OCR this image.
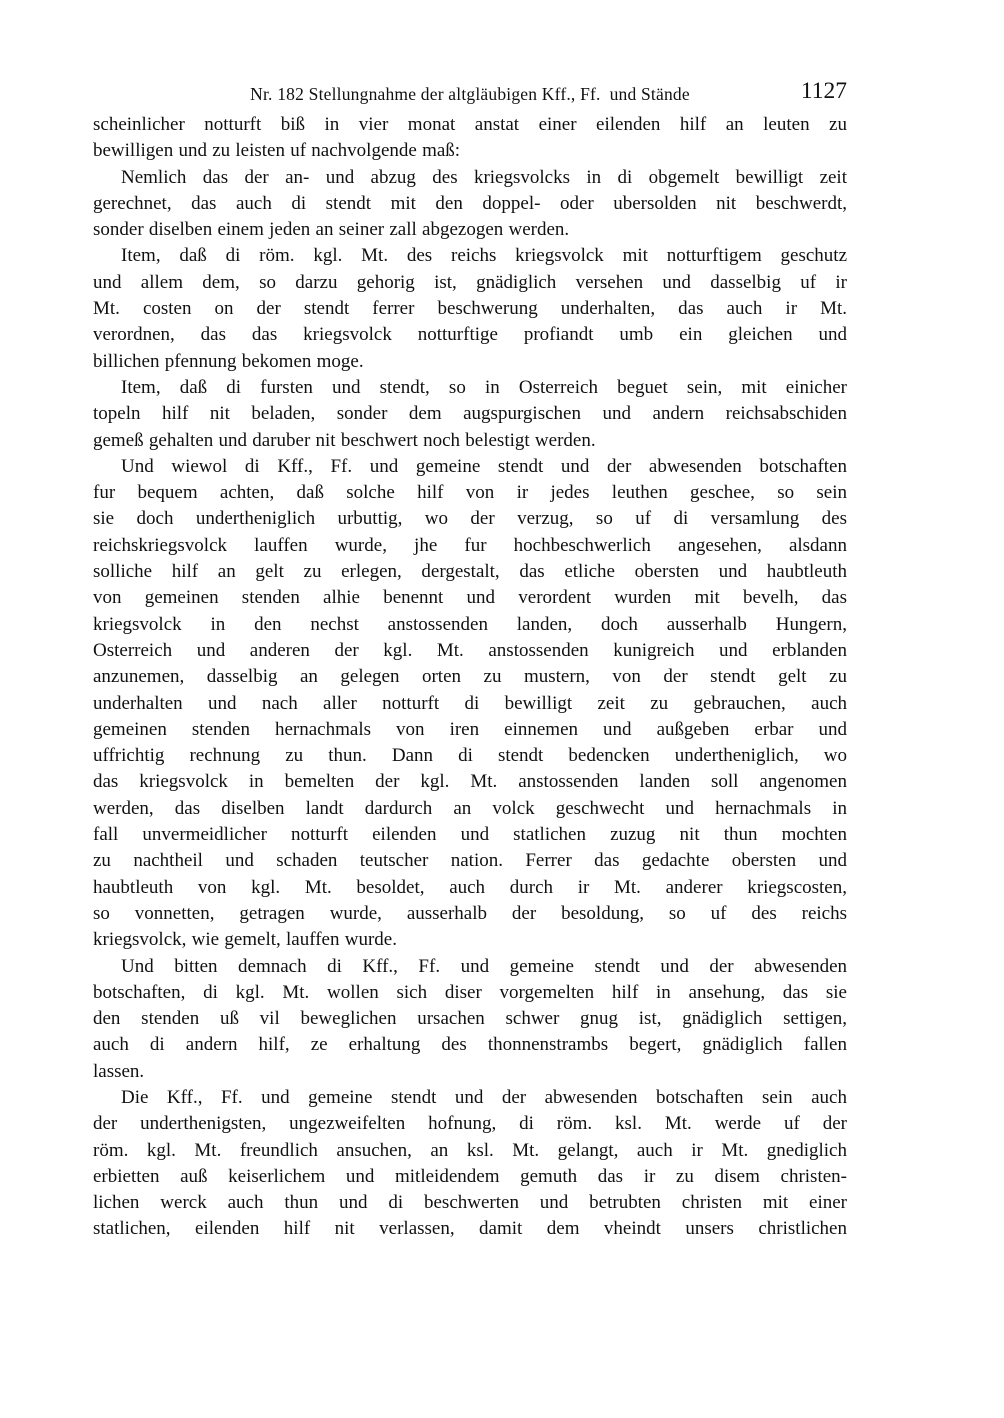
Nr. 182 Stellungnahme der altgläubigen Kff., Ff. und Stände	1127
scheinlicher notturft biß in vier monat anstat einer eilenden hilf an leuten zu
bewilligen und zu leisten uf nachvolgende maß:
Nemlich das der an- und abzug des kriegsvolcks in di obgemelt bewilligt zeit
gerechnet, das auch di stendt mit den doppel- oder ubersolden nit beschwerdt,
sonder diselben einem jeden an seiner zall abgezogen werden.
Item, daß di röm. kgl. Mt. des reichs kriegsvolck mit notturftigem geschutz
und allem dem, so darzu gehorig ist, gnädiglich versehen und dasselbig uf ir
Mt. costen on der stendt ferrer beschwerung underhalten, das auch ir Mt.
verordnen, das das kriegsvolck notturftige profiandt umb ein gleichen und
billichen pfennung bekomen moge.
Item, daß di fursten und stendt, so in Osterreich beguet sein, mit einicher
topeln hilf nit beladen, sonder dem augspurgischen und andern reichsabschiden
gemeß gehalten und daruber nit beschwert noch belestigt werden.
Und wiewol di Kff., Ff. und gemeine stendt und der abwesenden botschaften
fur bequem achten, daß solche hilf von ir jedes leuthen geschee, so sein
sie doch undertheniglich urbuttig, wo der verzug, so uf di versamlung des
reichskriegsvolck lauffen wurde, jhe fur hochbeschwerlich angesehen, alsdann
solliche hilf an gelt zu erlegen, dergestalt, das etliche obersten und haubtleuth
von gemeinen stenden alhie benennt und verordent wurden mit bevelh, das
kriegsvolck in den nechst anstossenden landen, doch ausserhalb Hungern,
Osterreich und anderen der kgl. Mt. anstossenden kunigreich und erblanden
anzunemen, dasselbig an gelegen orten zu mustern, von der stendt gelt zu
underhalten und nach aller notturft di bewilligt zeit zu gebrauchen, auch
gemeinen stenden hernachmals von iren einnemen und außgeben erbar und
uffrichtig rechnung zu thun. Dann di stendt bedencken undertheniglich, wo
das kriegsvolck in bemelten der kgl. Mt. anstossenden landen soll angenomen
werden, das diselben landt dardurch an volck geschwecht und hernachmals in
fall unvermeidlicher notturft eilenden und statlichen zuzug nit thun mochten
zu nachtheil und schaden teutscher nation. Ferrer das gedachte obersten und
haubtleuth von kgl. Mt. besoldet, auch durch ir Mt. anderer kriegscosten,
so vonnetten, getragen wurde, ausserhalb der besoldung, so uf des reichs
kriegsvolck, wie gemelt, lauffen wurde.
Und bitten demnach di Kff., Ff. und gemeine stendt und der abwesenden
botschaften, di kgl. Mt. wollen sich diser vorgemelten hilf in ansehung, das sie
den stenden uß vil beweglichen ursachen schwer gnug ist, gnädiglich settigen,
auch di andern hilf, ze erhaltung des thonnenstrambs begert, gnädiglich fallen
lassen.
Die Kff., Ff. und gemeine stendt und der abwesenden botschaften sein auch
der underthenigsten, ungezweifelten hofnung, di röm. ksl. Mt. werde uf der
röm. kgl. Mt. freundlich ansuchen, an ksl. Mt. gelangt, auch ir Mt. gnediglich
erbietten auß keiserlichem und mitleidendem gemuth das ir zu disem christen-
lichen werck auch thun und di beschwerten und betrubten christen mit einer
statlichen, eilenden hilf nit verlassen, damit dem vheindt unsers christlichen
